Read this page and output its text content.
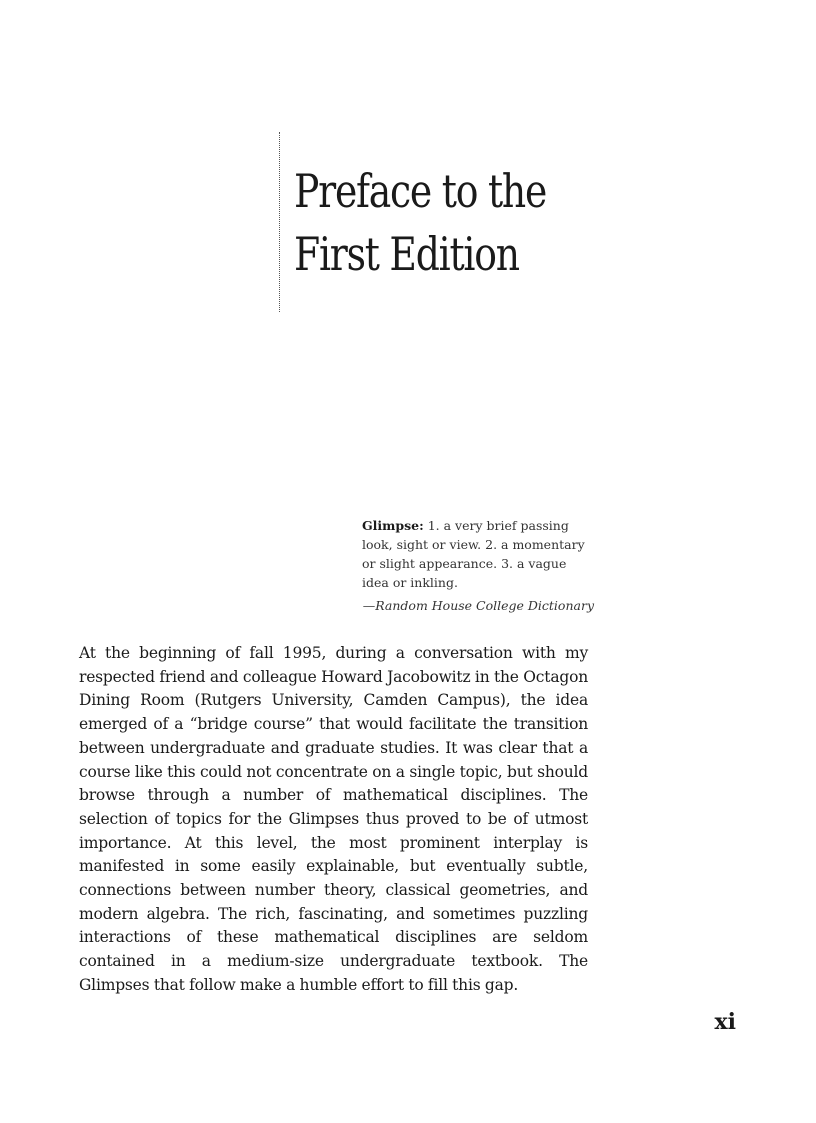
Preface to the
First Edition
Glimpse: 1. a very brief passing look, sight or view. 2. a momentary or slight appearance. 3. a vague idea or inkling.
—Random House College Dictionary

At the beginning of fall 1995, during a conversation with my respected friend and colleague Howard Jacobowitz in the Octagon Dining Room (Rutgers University, Camden Campus), the idea emerged of a “bridge course” that would facilitate the transition between undergraduate and graduate studies. It was clear that a course like this could not concentrate on a single topic, but should browse through a number of mathematical disciplines. The selection of topics for the Glimpses thus proved to be of utmost importance. At this level, the most prominent interplay is manifested in some easily explainable, but eventually subtle, connections between number theory, classical geometries, and modern algebra. The rich, fascinating, and sometimes puzzling interactions of these mathematical disciplines are seldom contained in a medium-size undergraduate textbook. The Glimpses that follow make a humble effort to fill this gap.

xi
